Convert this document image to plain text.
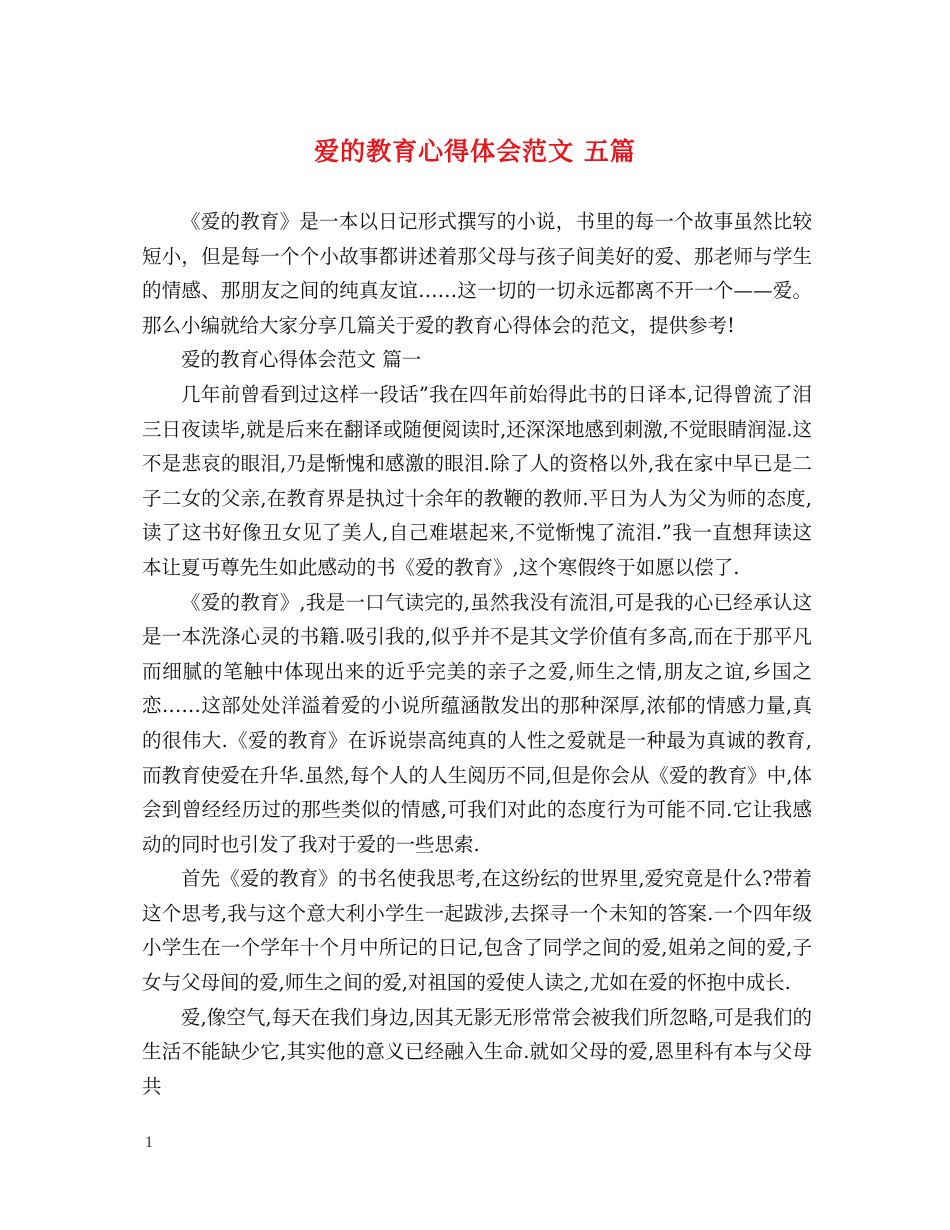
爱的教育心得体会范文 五篇

《爱的教育》是一本以日记形式撰写的小说，书里的每一个故事虽然比较短小，但是每一个个小故事都讲述着那父母与孩子间美好的爱、那老师与学生的情感、那朋友之间的纯真友谊……这一切的一切永远都离不开一个——爱。那么小编就给大家分享几篇关于爱的教育心得体会的范文，提供参考!

爱的教育心得体会范文 篇一

几年前曾看到过这样一段话”我在四年前始得此书的日译本,记得曾流了泪三日夜读毕,就是后来在翻译或随便阅读时,还深深地感到刺激,不觉眼睛润湿.这不是悲哀的眼泪,乃是惭愧和感激的眼泪.除了人的资格以外,我在家中早已是二子二女的父亲,在教育界是执过十余年的教鞭的教师.平日为人为父为师的态度,读了这书好像丑女见了美人,自己难堪起来,不觉惭愧了流泪.”我一直想拜读这本让夏丏尊先生如此感动的书《爱的教育》,这个寒假终于如愿以偿了.

《爱的教育》,我是一口气读完的,虽然我没有流泪,可是我的心已经承认这是一本洗涤心灵的书籍.吸引我的,似乎并不是其文学价值有多高,而在于那平凡而细腻的笔触中体现出来的近乎完美的亲子之爱,师生之情,朋友之谊,乡国之恋……这部处处洋溢着爱的小说所蕴涵散发出的那种深厚,浓郁的情感力量,真的很伟大.《爱的教育》在诉说崇高纯真的人性之爱就是一种最为真诚的教育,而教育使爱在升华.虽然,每个人的人生阅历不同,但是你会从《爱的教育》中,体会到曾经经历过的那些类似的情感,可我们对此的态度行为可能不同.它让我感动的同时也引发了我对于爱的一些思索.

首先《爱的教育》的书名使我思考,在这纷纭的世界里,爱究竟是什么?带着这个思考,我与这个意大利小学生一起跋涉,去探寻一个未知的答案.一个四年级小学生在一个学年十个月中所记的日记,包含了同学之间的爱,姐弟之间的爱,子女与父母间的爱,师生之间的爱,对祖国的爱使人读之,尤如在爱的怀抱中成长.

爱,像空气,每天在我们身边,因其无影无形常常会被我们所忽略,可是我们的生活不能缺少它,其实他的意义已经融入生命.就如父母的爱,恩里科有本与父母共

1
